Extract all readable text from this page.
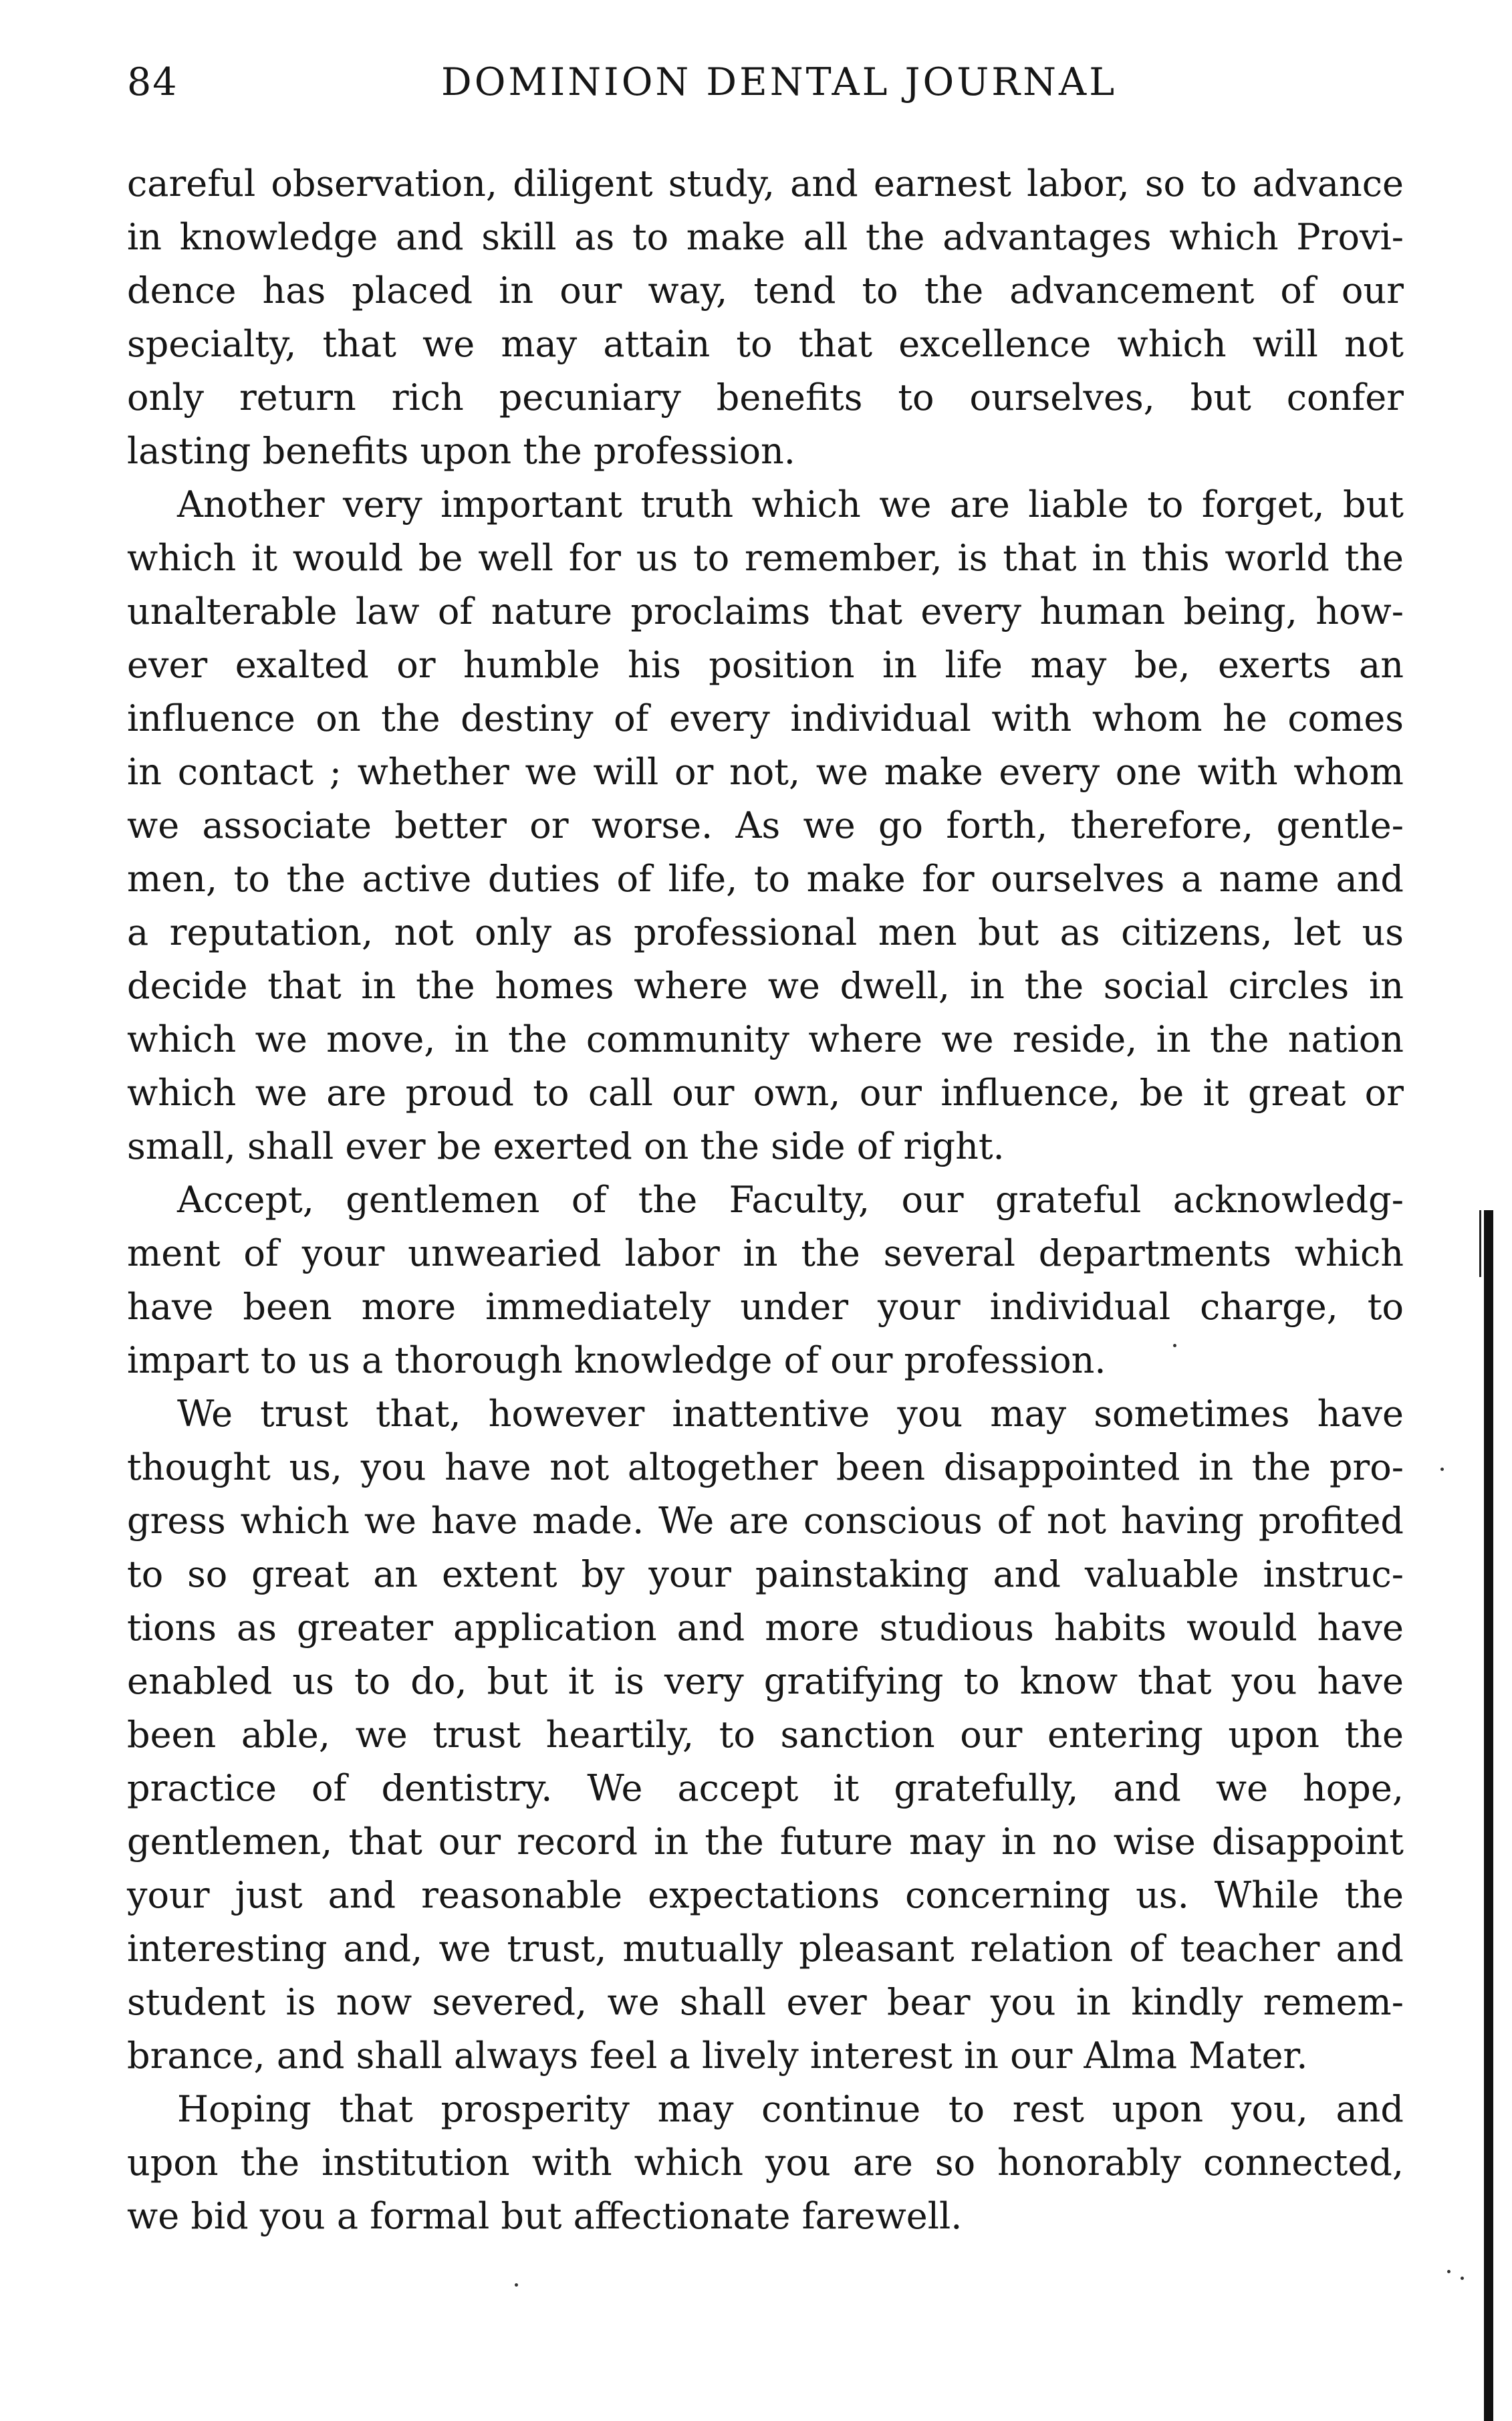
84	DOMINION DENTAL JOURNAL
careful observation, diligent study, and earnest labor, so to advance
in knowledge and skill as to make all the advantages which Provi-
dence has placed in our way, tend to the advancement of our
specialty, that we may attain to that excellence which will not
only return rich pecuniary benefits to ourselves, but confer
lasting benefits upon the profession.
Another very important truth which we are liable to forget, but
which it would be well for us to remember, is that in this world the
unalterable law of nature proclaims that every human being, how-
ever exalted or humble his position in life may be, exerts an
influence on the destiny of every individual with whom he comes
in contact ; whether we will or not, we make every one with whom
we associate better or worse. As we go forth, therefore, gentle-
men, to the active duties of life, to make for ourselves a name and
a reputation, not only as professional men but as citizens, let us
decide that in the homes where we dwell, in the social circles in
which we move, in the community where we reside, in the nation
which we are proud to call our own, our influence, be it great or
small, shall ever be exerted on the side of right.
Accept, gentlemen of the Faculty, our grateful acknowledg-
ment of your unwearied labor in the several departments which
have been more immediately under your individual charge, to
impart to us a thorough knowledge of our profession.
We trust that, however inattentive you may sometimes have
thought us, you have not altogether been disappointed in the pro-
gress which we have made. We are conscious of not having profited
to so great an extent by your painstaking and valuable instruc-
tions as greater application and more studious habits would have
enabled us to do, but it is very gratifying to know that you have
been able, we trust heartily, to sanction our entering upon the
practice of dentistry. We accept it gratefully, and we hope,
gentlemen, that our record in the future may in no wise disappoint
your just and reasonable expectations concerning us. While the
interesting and, we trust, mutually pleasant relation of teacher and
student is now severed, we shall ever bear you in kindly remem-
brance, and shall always feel a lively interest in our Alma Mater.
Hoping that prosperity may continue to rest upon you, and
upon the institution with which you are so honorably connected,
we bid you a formal but affectionate farewell.
